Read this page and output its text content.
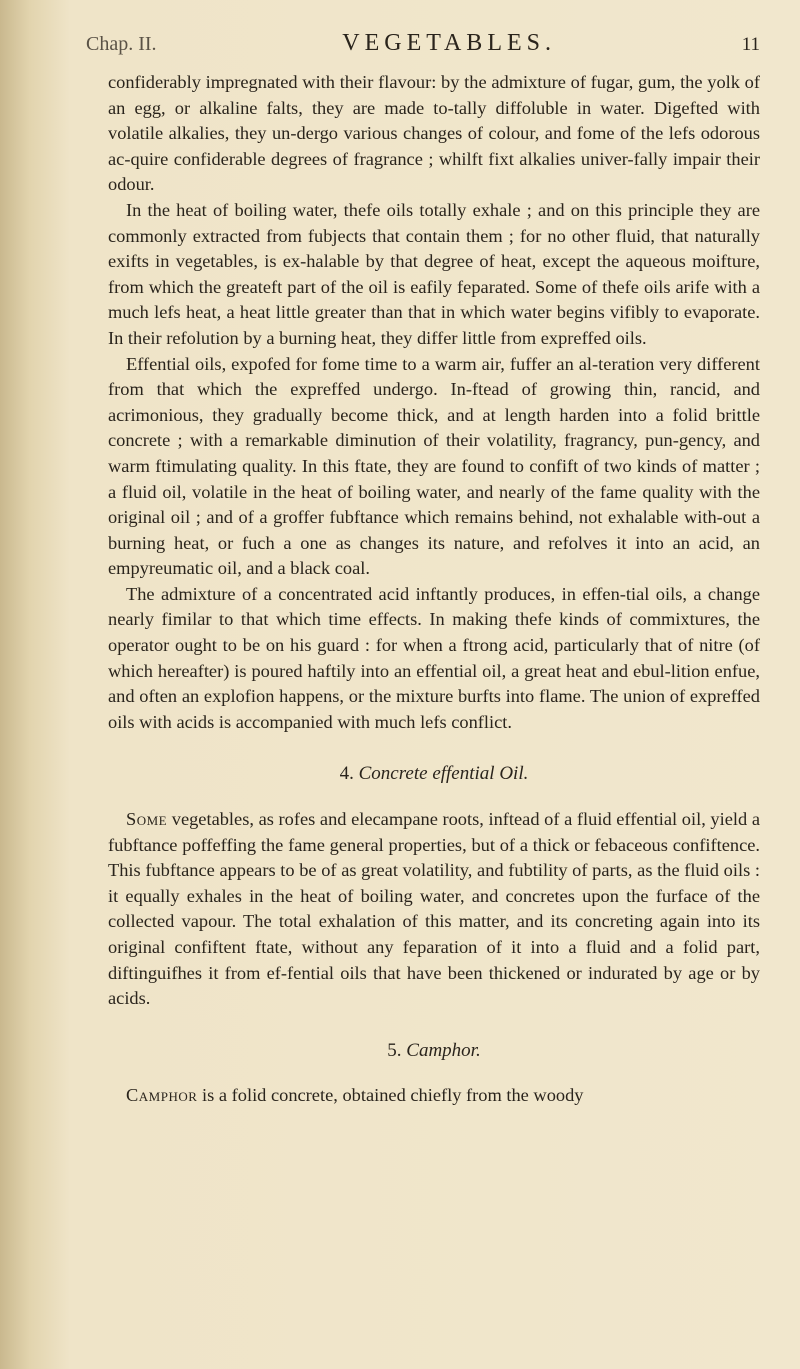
Chap. II.	VEGETABLES.	11

confiderably impregnated with their flavour: by the admixture of fugar, gum, the yolk of an egg, or alkaline falts, they are made to-tally diffoluble in water. Digefted with volatile alkalies, they un-dergo various changes of colour, and fome of the lefs odorous ac-quire confiderable degrees of fragrance ; whilft fixt alkalies univer-fally impair their odour.

In the heat of boiling water, thefe oils totally exhale ; and on this principle they are commonly extracted from fubjects that contain them ; for no other fluid, that naturally exifts in vegetables, is ex-halable by that degree of heat, except the aqueous moifture, from which the greateft part of the oil is eafily feparated. Some of thefe oils arife with a much lefs heat, a heat little greater than that in which water begins vifibly to evaporate. In their refolution by a burning heat, they differ little from expreffed oils.

Effential oils, expofed for fome time to a warm air, fuffer an al-teration very different from that which the expreffed undergo. In-ftead of growing thin, rancid, and acrimonious, they gradually become thick, and at length harden into a folid brittle concrete ; with a remarkable diminution of their volatility, fragrancy, pun-gency, and warm ftimulating quality. In this ftate, they are found to confift of two kinds of matter ; a fluid oil, volatile in the heat of boiling water, and nearly of the fame quality with the original oil ; and of a groffer fubftance which remains behind, not exhalable with-out a burning heat, or fuch a one as changes its nature, and refolves it into an acid, an empyreumatic oil, and a black coal.

The admixture of a concentrated acid inftantly produces, in effen-tial oils, a change nearly fimilar to that which time effects. In making thefe kinds of commixtures, the operator ought to be on his guard : for when a ftrong acid, particularly that of nitre (of which hereafter) is poured haftily into an effential oil, a great heat and ebul-lition enfue, and often an explofion happens, or the mixture burfts into flame. The union of expreffed oils with acids is accompanied with much lefs conflict.

4. Concrete effential Oil.

Some vegetables, as rofes and elecampane roots, inftead of a fluid effential oil, yield a fubftance poffeffing the fame general properties, but of a thick or febaceous confiftence. This fubftance appears to be of as great volatility, and fubtility of parts, as the fluid oils : it equally exhales in the heat of boiling water, and concretes upon the furface of the collected vapour. The total exhalation of this matter, and its concreting again into its original confiftent ftate, without any feparation of it into a fluid and a folid part, diftinguifhes it from ef-fential oils that have been thickened or indurated by age or by acids.

5. Camphor.

Camphor is a folid concrete, obtained chiefly from the woody
